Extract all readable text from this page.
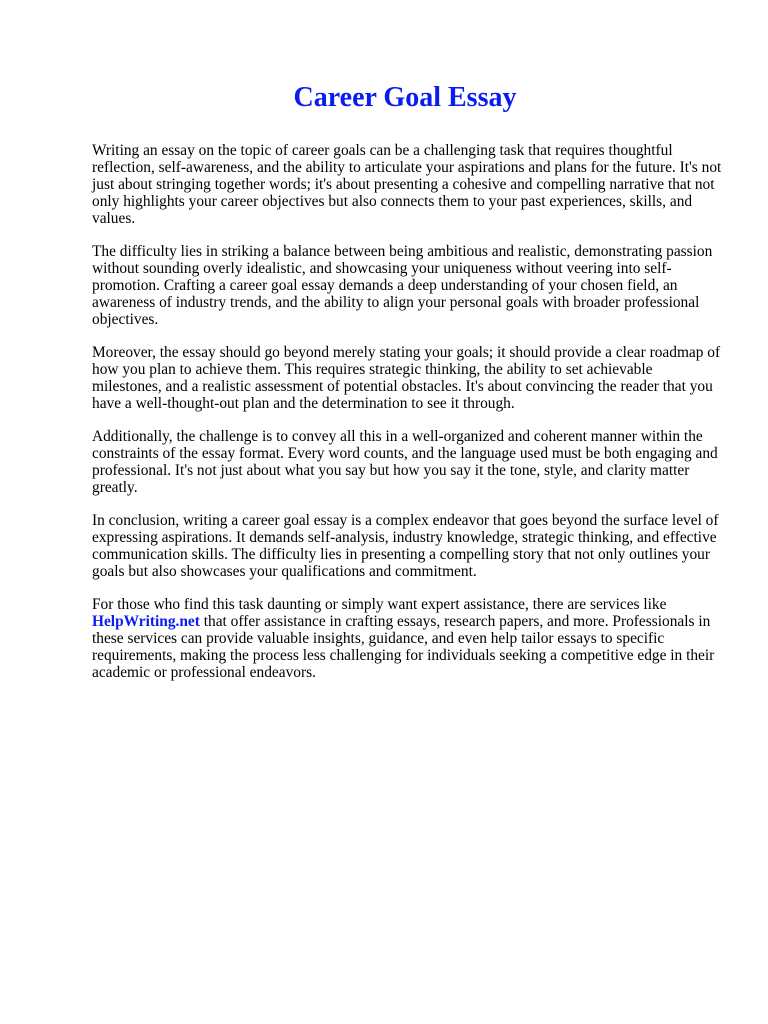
Career Goal Essay

Writing an essay on the topic of career goals can be a challenging task that requires thoughtful reflection, self-awareness, and the ability to articulate your aspirations and plans for the future. It's not just about stringing together words; it's about presenting a cohesive and compelling narrative that not only highlights your career objectives but also connects them to your past experiences, skills, and values.

The difficulty lies in striking a balance between being ambitious and realistic, demonstrating passion without sounding overly idealistic, and showcasing your uniqueness without veering into self-promotion. Crafting a career goal essay demands a deep understanding of your chosen field, an awareness of industry trends, and the ability to align your personal goals with broader professional objectives.

Moreover, the essay should go beyond merely stating your goals; it should provide a clear roadmap of how you plan to achieve them. This requires strategic thinking, the ability to set achievable milestones, and a realistic assessment of potential obstacles. It's about convincing the reader that you have a well-thought-out plan and the determination to see it through.

Additionally, the challenge is to convey all this in a well-organized and coherent manner within the constraints of the essay format. Every word counts, and the language used must be both engaging and professional. It's not just about what you say but how you say it the tone, style, and clarity matter greatly.

In conclusion, writing a career goal essay is a complex endeavor that goes beyond the surface level of expressing aspirations. It demands self-analysis, industry knowledge, strategic thinking, and effective communication skills. The difficulty lies in presenting a compelling story that not only outlines your goals but also showcases your qualifications and commitment.

For those who find this task daunting or simply want expert assistance, there are services like HelpWriting.net that offer assistance in crafting essays, research papers, and more. Professionals in these services can provide valuable insights, guidance, and even help tailor essays to specific requirements, making the process less challenging for individuals seeking a competitive edge in their academic or professional endeavors.
